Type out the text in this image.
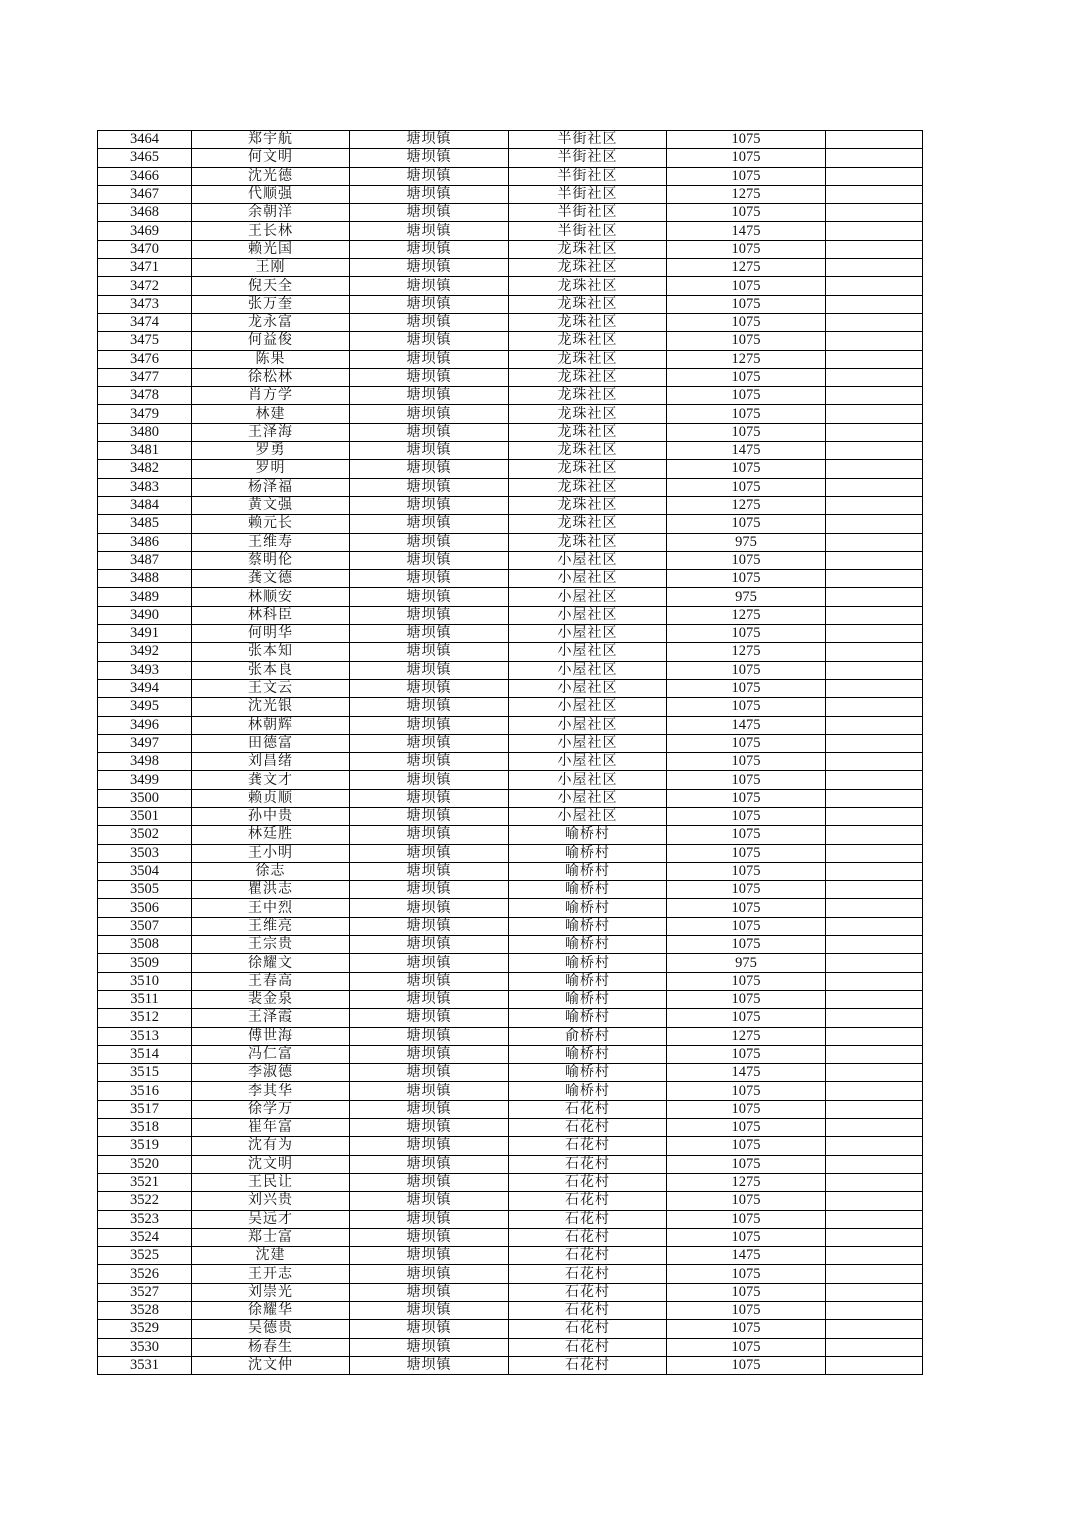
3464	郑宇航	塘坝镇	半街社区	1075	
3465	何文明	塘坝镇	半街社区	1075	
3466	沈光德	塘坝镇	半街社区	1075	
3467	代顺强	塘坝镇	半街社区	1275	
3468	余朝洋	塘坝镇	半街社区	1075	
3469	王长林	塘坝镇	半街社区	1475	
3470	赖光国	塘坝镇	龙珠社区	1075	
3471	王刚	塘坝镇	龙珠社区	1275	
3472	倪天全	塘坝镇	龙珠社区	1075	
3473	张万奎	塘坝镇	龙珠社区	1075	
3474	龙永富	塘坝镇	龙珠社区	1075	
3475	何益俊	塘坝镇	龙珠社区	1075	
3476	陈果	塘坝镇	龙珠社区	1275	
3477	徐松林	塘坝镇	龙珠社区	1075	
3478	肖方学	塘坝镇	龙珠社区	1075	
3479	林建	塘坝镇	龙珠社区	1075	
3480	王泽海	塘坝镇	龙珠社区	1075	
3481	罗勇	塘坝镇	龙珠社区	1475	
3482	罗明	塘坝镇	龙珠社区	1075	
3483	杨泽福	塘坝镇	龙珠社区	1075	
3484	黄文强	塘坝镇	龙珠社区	1275	
3485	赖元长	塘坝镇	龙珠社区	1075	
3486	王维寿	塘坝镇	龙珠社区	975	
3487	蔡明伦	塘坝镇	小屋社区	1075	
3488	龚文德	塘坝镇	小屋社区	1075	
3489	林顺安	塘坝镇	小屋社区	975	
3490	林科臣	塘坝镇	小屋社区	1275	
3491	何明华	塘坝镇	小屋社区	1075	
3492	张本知	塘坝镇	小屋社区	1275	
3493	张本良	塘坝镇	小屋社区	1075	
3494	王文云	塘坝镇	小屋社区	1075	
3495	沈光银	塘坝镇	小屋社区	1075	
3496	林朝辉	塘坝镇	小屋社区	1475	
3497	田德富	塘坝镇	小屋社区	1075	
3498	刘昌绪	塘坝镇	小屋社区	1075	
3499	龚文才	塘坝镇	小屋社区	1075	
3500	赖贞顺	塘坝镇	小屋社区	1075	
3501	孙中贵	塘坝镇	小屋社区	1075	
3502	林廷胜	塘坝镇	喻桥村	1075	
3503	王小明	塘坝镇	喻桥村	1075	
3504	徐志	塘坝镇	喻桥村	1075	
3505	瞿洪志	塘坝镇	喻桥村	1075	
3506	王中烈	塘坝镇	喻桥村	1075	
3507	王维亮	塘坝镇	喻桥村	1075	
3508	王宗贵	塘坝镇	喻桥村	1075	
3509	徐耀文	塘坝镇	喻桥村	975	
3510	王春高	塘坝镇	喻桥村	1075	
3511	裴金泉	塘坝镇	喻桥村	1075	
3512	王泽霞	塘坝镇	喻桥村	1075	
3513	傅世海	塘坝镇	俞桥村	1275	
3514	冯仁富	塘坝镇	喻桥村	1075	
3515	李淑德	塘坝镇	喻桥村	1475	
3516	李其华	塘坝镇	喻桥村	1075	
3517	徐学万	塘坝镇	石花村	1075	
3518	崔年富	塘坝镇	石花村	1075	
3519	沈有为	塘坝镇	石花村	1075	
3520	沈文明	塘坝镇	石花村	1075	
3521	王民让	塘坝镇	石花村	1275	
3522	刘兴贵	塘坝镇	石花村	1075	
3523	吴远才	塘坝镇	石花村	1075	
3524	郑士富	塘坝镇	石花村	1075	
3525	沈建	塘坝镇	石花村	1475	
3526	王开志	塘坝镇	石花村	1075	
3527	刘崇光	塘坝镇	石花村	1075	
3528	徐耀华	塘坝镇	石花村	1075	
3529	吴德贵	塘坝镇	石花村	1075	
3530	杨春生	塘坝镇	石花村	1075	
3531	沈文仲	塘坝镇	石花村	1075	
